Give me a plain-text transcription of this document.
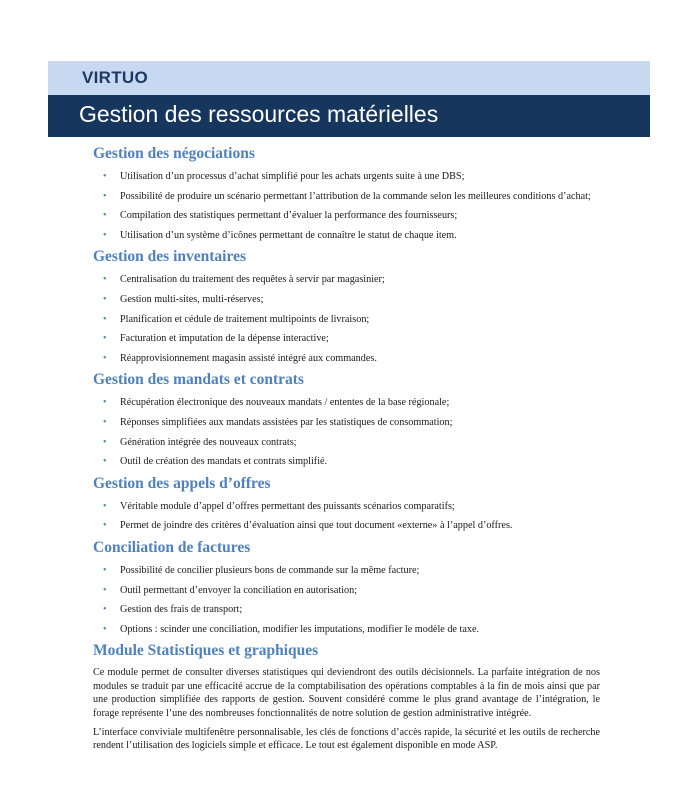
VIRTUO
Gestion des ressources matérielles
Gestion des négociations
• Utilisation d’un processus d’achat simplifié pour les achats urgents suite à une DBS;
• Possibilité de produire un scénario permettant l’attribution de la commande selon les meilleures conditions d’achat;
• Compilation des statistiques permettant d’évaluer la performance des fournisseurs;
• Utilisation d’un système d’icônes permettant de connaître le statut de chaque item.
Gestion des inventaires
• Centralisation du traitement des requêtes à servir par magasinier;
• Gestion multi-sites, multi-réserves;
• Planification et cédule de traitement multipoints de livraison;
• Facturation et imputation de la dépense interactive;
• Réapprovisionnement magasin assisté intégré aux commandes.
Gestion des mandats et contrats
• Récupération électronique des nouveaux mandats / ententes de la base régionale;
• Réponses simplifiées aux mandats assistées par les statistiques de consommation;
• Génération intégrée des nouveaux contrats;
• Outil de création des mandats et contrats simplifié.
Gestion des appels d’offres
• Véritable module d’appel d’offres permettant des puissants scénarios comparatifs;
• Permet de joindre des critères d’évaluation ainsi que tout document «externe» à l’appel d’offres.
Conciliation de factures
• Possibilité de concilier plusieurs bons de commande sur la même facture;
• Outil permettant d’envoyer la conciliation en autorisation;
• Gestion des frais de transport;
• Options : scinder une conciliation, modifier les imputations, modifier le modèle de taxe.
Module Statistiques et graphiques

Ce module permet de consulter diverses statistiques qui deviendront des outils décisionnels. La parfaite intégration de nos modules se traduit par une efficacité accrue de la comptabilisation des opérations comptables à la fin de mois ainsi que par une production simplifiée des rapports de gestion. Souvent considéré comme le plus grand avantage de l’intégration, le forage représente l’une des nombreuses fonctionnalités de notre solution de gestion administrative intégrée.

L’interface conviviale multifenêtre personnalisable, les clés de fonctions d’accès rapide, la sécurité et les outils de recherche rendent l’utilisation des logiciels simple et efficace. Le tout est également disponible en mode ASP.
